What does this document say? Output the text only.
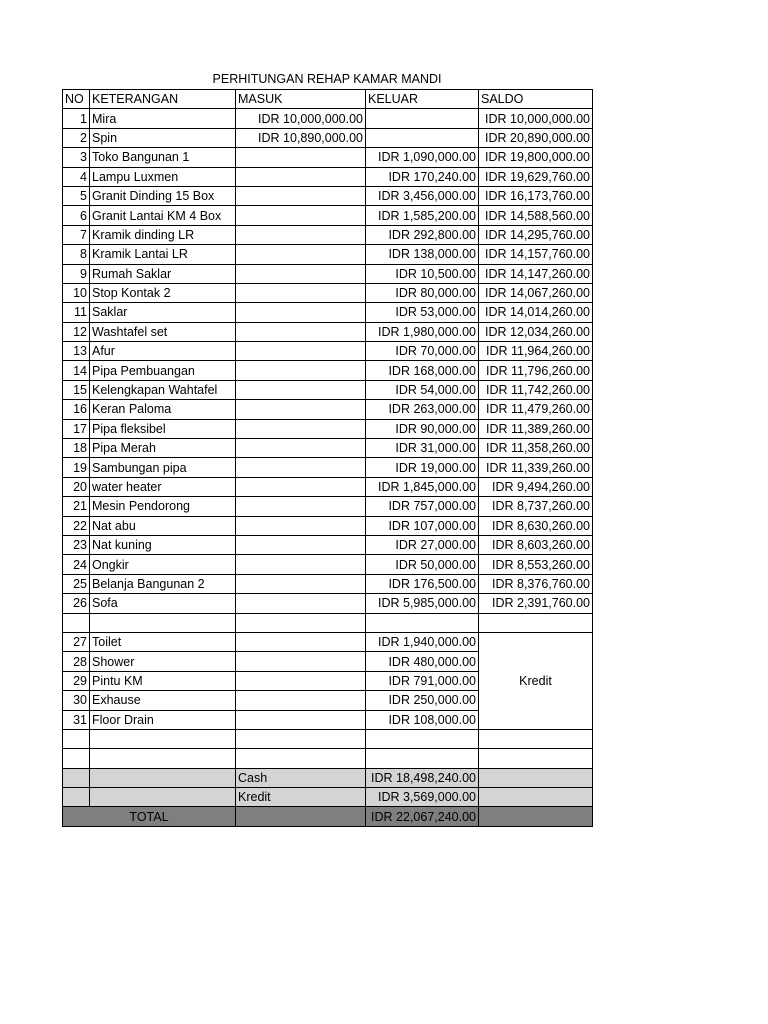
PERHITUNGAN REHAP KAMAR MANDI
NO	KETERANGAN	MASUK	KELUAR	SALDO
1	Mira	IDR 10,000,000.00		IDR 10,000,000.00
2	Spin	IDR 10,890,000.00		IDR 20,890,000.00
3	Toko Bangunan 1		IDR 1,090,000.00	IDR 19,800,000.00
4	Lampu Luxmen		IDR 170,240.00	IDR 19,629,760.00
5	Granit Dinding 15 Box		IDR 3,456,000.00	IDR 16,173,760.00
6	Granit Lantai KM 4 Box		IDR 1,585,200.00	IDR 14,588,560.00
7	Kramik dinding LR		IDR 292,800.00	IDR 14,295,760.00
8	Kramik Lantai LR		IDR 138,000.00	IDR 14,157,760.00
9	Rumah Saklar		IDR 10,500.00	IDR 14,147,260.00
10	Stop Kontak 2		IDR 80,000.00	IDR 14,067,260.00
11	Saklar		IDR 53,000.00	IDR 14,014,260.00
12	Washtafel set		IDR 1,980,000.00	IDR 12,034,260.00
13	Afur		IDR 70,000.00	IDR 11,964,260.00
14	Pipa Pembuangan		IDR 168,000.00	IDR 11,796,260.00
15	Kelengkapan Wahtafel		IDR 54,000.00	IDR 11,742,260.00
16	Keran Paloma		IDR 263,000.00	IDR 11,479,260.00
17	Pipa fleksibel		IDR 90,000.00	IDR 11,389,260.00
18	Pipa Merah		IDR 31,000.00	IDR 11,358,260.00
19	Sambungan pipa		IDR 19,000.00	IDR 11,339,260.00
20	water heater		IDR 1,845,000.00	IDR 9,494,260.00
21	Mesin Pendorong		IDR 757,000.00	IDR 8,737,260.00
22	Nat abu		IDR 107,000.00	IDR 8,630,260.00
23	Nat kuning		IDR 27,000.00	IDR 8,603,260.00
24	Ongkir		IDR 50,000.00	IDR 8,553,260.00
25	Belanja Bangunan 2		IDR 176,500.00	IDR 8,376,760.00
26	Sofa		IDR 5,985,000.00	IDR 2,391,760.00

27	Toilet		IDR 1,940,000.00	Kredit
28	Shower		IDR 480,000.00	
29	Pintu KM		IDR 791,000.00	
30	Exhause		IDR 250,000.00	
31	Floor Drain		IDR 108,000.00	

		Cash	IDR 18,498,240.00	
		Kredit	IDR 3,569,000.00	
TOTAL			IDR 22,067,240.00	
